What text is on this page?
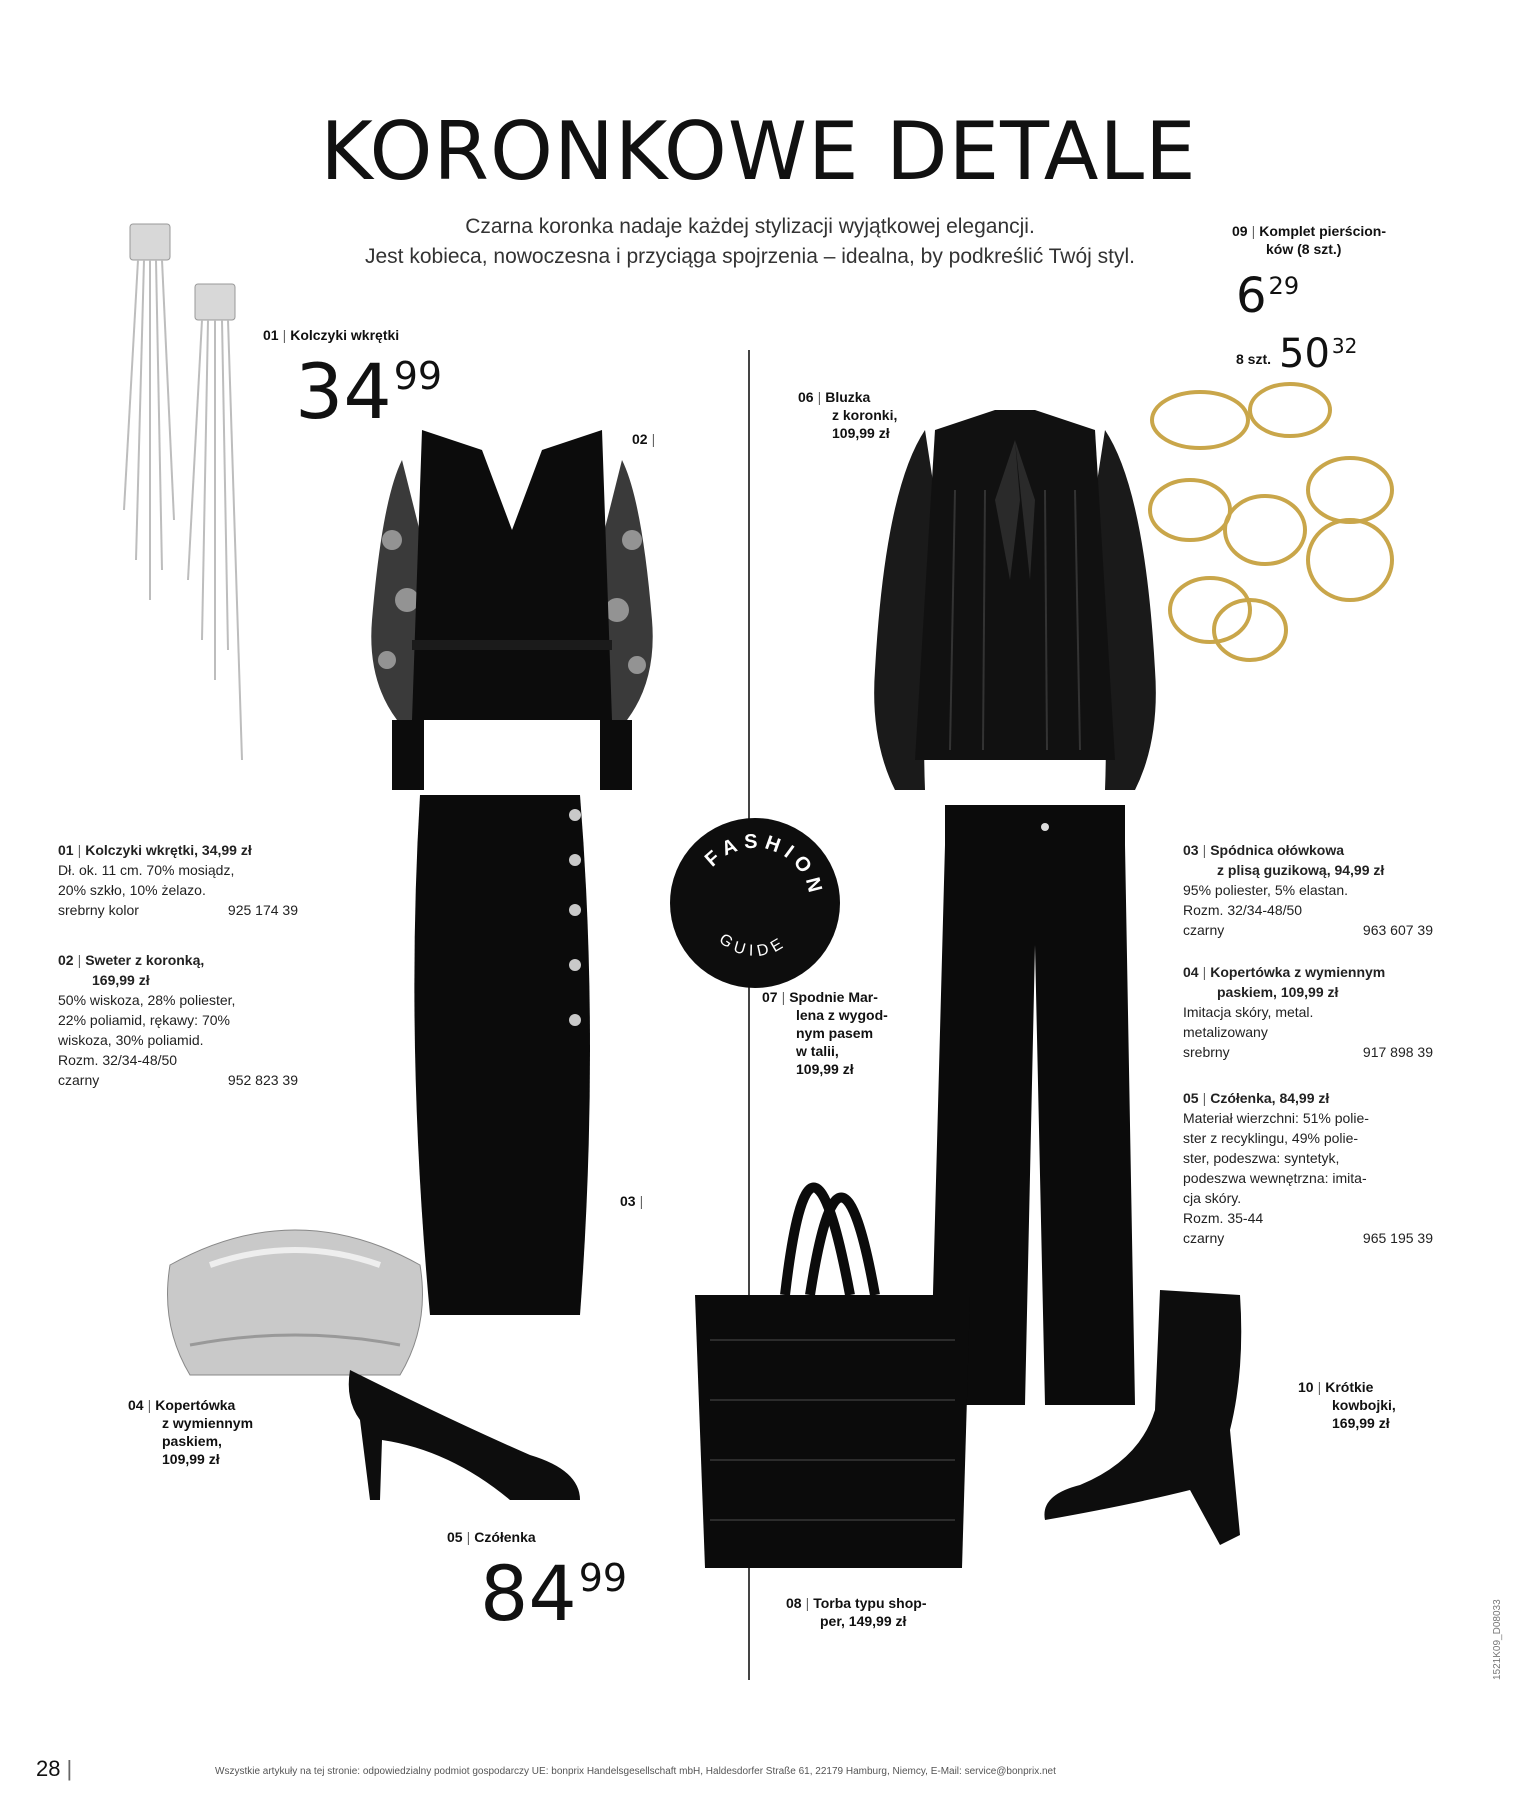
KORONKOWE DETALE
Czarna koronka nadaje każdej stylizacji wyjątkowej elegancji.
Jest kobieca, nowoczesna i przyciąga spojrzenia – idealna, by podkreślić Twój styl.
01 | Kolczyki wkrętki
$34^{99}$
02 |
03 |
04 | Kopertówka
z wymiennym
paskiem,
109,99 zł
05 | Czółenka
$84^{99}$
06 | Bluzka
z koronki,
109,99 zł
07 | Spodnie Mar-
lena z wygod-
nym pasem
w talii,
109,99 zł
08 | Torba typu shop-
per, 149,99 zł
09 | Komplet pierścion-
ków (8 szt.)
$6^{29}$
8 szt. 50 $^{32}$
10 | Krótkie
kowbojki,
169,99 zł
01 | Kolczyki wkrętki, 34,99 zł
Dł. ok. 11 cm. 70% mosiądz,
20% szkło, 10% żelazo.
srebrny kolor	925 174 39
02 | Sweter z koronką,
169,99 zł
50% wiskoza, 28% poliester,
22% poliamid, rękawy: 70%
wiskoza, 30% poliamid.
Rozm. 32/34-48/50
czarny	952 823 39
03 | Spódnica ołówkowa
z plisą guzikową, 94,99 zł
95% poliester, 5% elastan.
Rozm. 32/34-48/50
czarny	963 607 39
04 | Kopertówka z wymiennym
paskiem, 109,99 zł
Imitacja skóry, metal.
metalizowany
srebrny	917 898 39
05 | Czółenka, 84,99 zł
Materiał wierzchni: 51% polie-
ster z recyklingu, 49% polie-
ster, podeszwa: syntetyk,
podeszwa wewnętrzna: imita-
cja skóry.
Rozm. 35-44
czarny	965 195 39
FASHION
GUIDE
28 |	Wszystkie artykuły na tej stronie: odpowiedzialny podmiot gospodarczy UE: bonprix Handelsgesellschaft mbH, Haldesdorfer Straße 61, 22179 Hamburg, Niemcy, E-Mail: service@bonprix.net
1521K09_D08033
